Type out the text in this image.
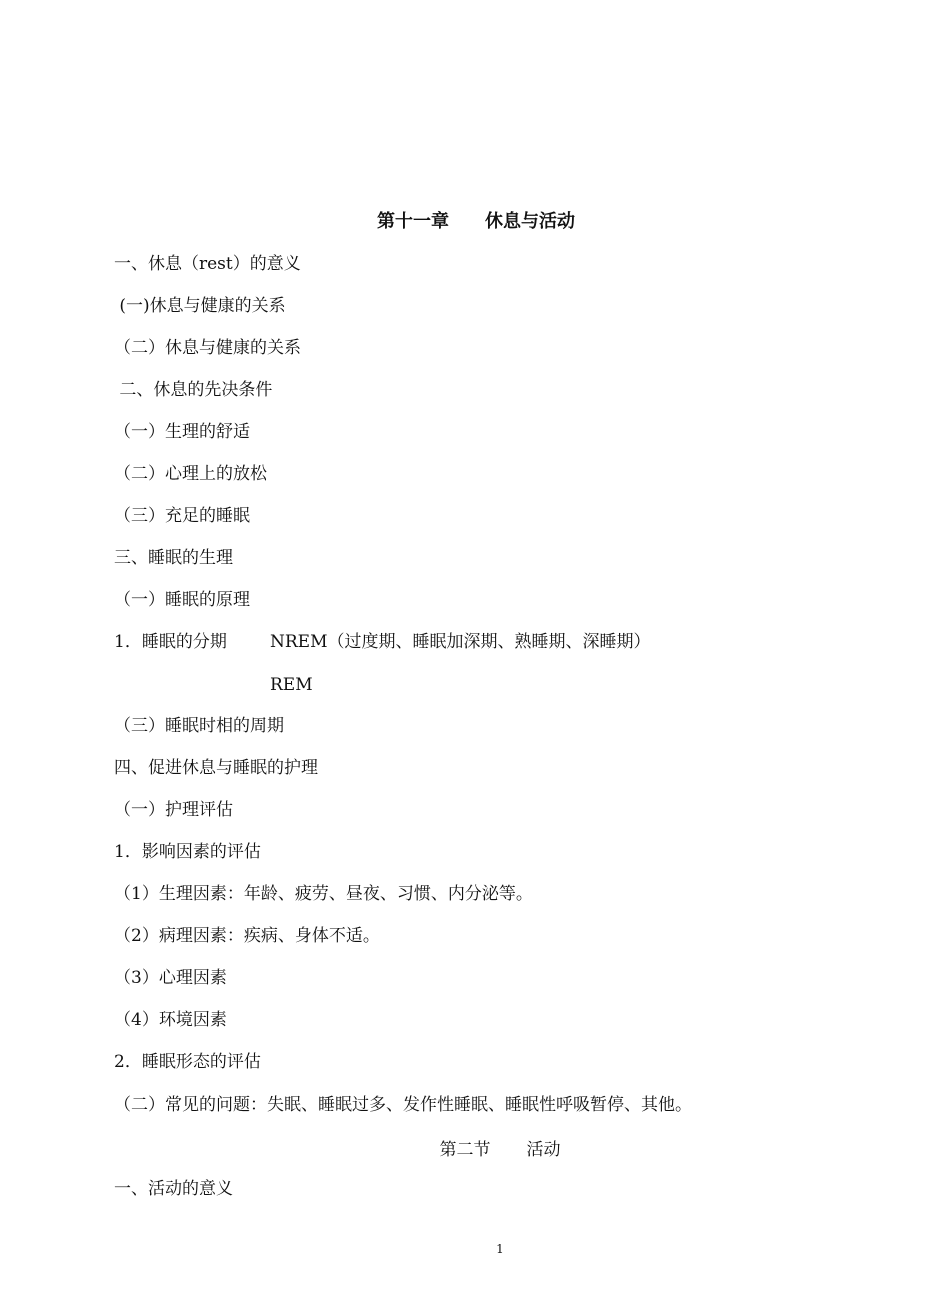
第十一章 休息与活动
一、休息（rest）的意义
(一)休息与健康的关系
（二）休息与健康的关系
二、休息的先决条件
（一）生理的舒适
（二）心理上的放松
（三）充足的睡眠
三、睡眠的生理
（一）睡眠的原理
1．睡眠的分期	NREM（过度期、睡眠加深期、熟睡期、深睡期）
REM
（三）睡眠时相的周期
四、促进休息与睡眠的护理
（一）护理评估
1．影响因素的评估
（1）生理因素：年龄、疲劳、昼夜、习惯、内分泌等。
（2）病理因素：疾病、身体不适。
（3）心理因素
（4）环境因素
2．睡眠形态的评估
（二）常见的问题：失眠、睡眠过多、发作性睡眠、睡眠性呼吸暂停、其他。
第二节 活动
一、活动的意义
1
